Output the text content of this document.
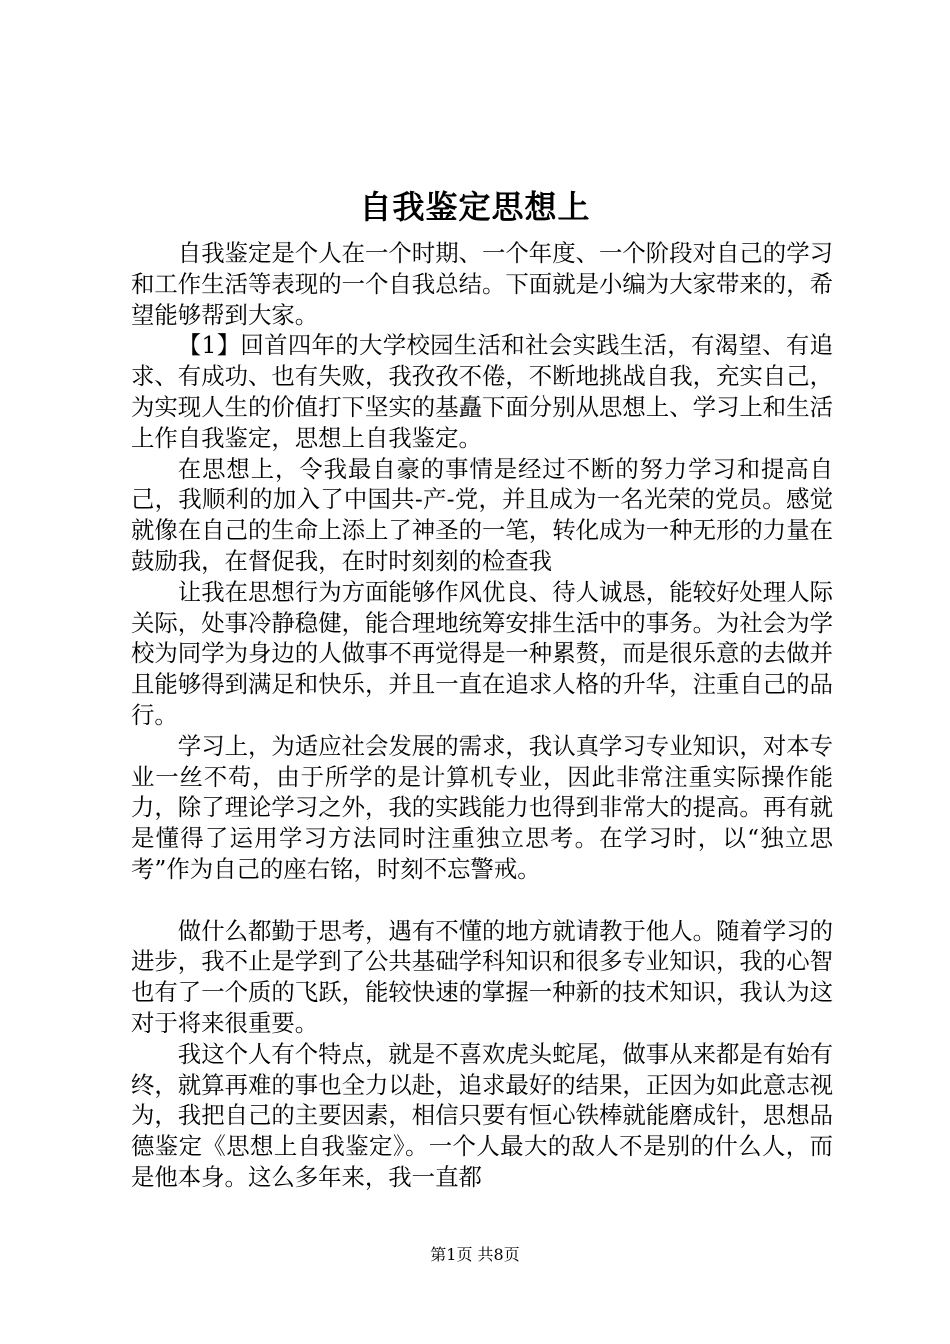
自我鉴定思想上

自我鉴定是个人在一个时期、一个年度、一个阶段对自己的学习和工作生活等表现的一个自我总结。下面就是小编为大家带来的，希望能够帮到大家。

【1】回首四年的大学校园生活和社会实践生活，有渴望、有追求、有成功、也有失败，我孜孜不倦，不断地挑战自我，充实自己，为实现人生的价值打下坚实的基矗下面分别从思想上、学习上和生活上作自我鉴定，思想上自我鉴定。

在思想上，令我最自豪的事情是经过不断的努力学习和提高自己，我顺利的加入了中国共-产-党，并且成为一名光荣的党员。感觉就像在自己的生命上添上了神圣的一笔，转化成为一种无形的力量在鼓励我，在督促我，在时时刻刻的检查我

让我在思想行为方面能够作风优良、待人诚恳，能较好处理人际关际，处事冷静稳健，能合理地统筹安排生活中的事务。为社会为学校为同学为身边的人做事不再觉得是一种累赘，而是很乐意的去做并且能够得到满足和快乐，并且一直在追求人格的升华，注重自己的品行。

学习上，为适应社会发展的需求，我认真学习专业知识，对本专业一丝不苟，由于所学的是计算机专业，因此非常注重实际操作能力，除了理论学习之外，我的实践能力也得到非常大的提高。再有就是懂得了运用学习方法同时注重独立思考。在学习时，以“独立思考”作为自己的座右铭，时刻不忘警戒。

做什么都勤于思考，遇有不懂的地方就请教于他人。随着学习的进步，我不止是学到了公共基础学科知识和很多专业知识，我的心智也有了一个质的飞跃，能较快速的掌握一种新的技术知识，我认为这对于将来很重要。

我这个人有个特点，就是不喜欢虎头蛇尾，做事从来都是有始有终，就算再难的事也全力以赴，追求最好的结果，正因为如此意志视为，我把自己的主要因素，相信只要有恒心铁棒就能磨成针，思想品德鉴定《思想上自我鉴定》。一个人最大的敌人不是别的什么人，而是他本身。这么多年来，我一直都

第1页 共8页
